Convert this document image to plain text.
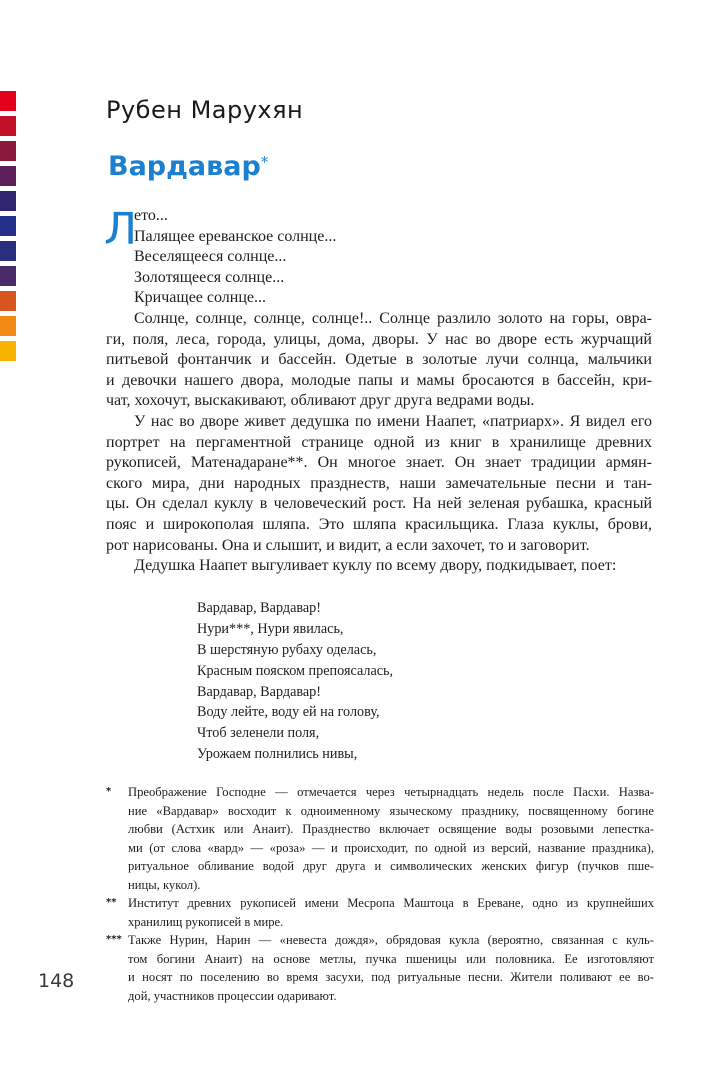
Рубен Марухян
Вардавар*
Л
ето...
Палящее ереванское солнце...
Веселящееся солнце...
Золотящееся солнце...
Кричащее солнце...
Солнце, солнце, солнце, солнце!.. Солнце разлило золото на горы, овра-
ги, поля, леса, города, улицы, дома, дворы. У нас во дворе есть журчащий
питьевой фонтанчик и бассейн. Одетые в золотые лучи солнца, мальчики
и девочки нашего двора, молодые папы и мамы бросаются в бассейн, кри-
чат, хохочут, выскакивают, обливают друг друга ведрами воды.
У нас во дворе живет дедушка по имени Наапет, «патриарх». Я видел его
портрет на пергаментной странице одной из книг в хранилище древних
рукописей, Матенадаране**. Он многое знает. Он знает традиции армян-
ского мира, дни народных празднеств, наши замечательные песни и тан-
цы. Он сделал куклу в человеческий рост. На ней зеленая рубашка, красный
пояс и широкополая шляпа. Это шляпа красильщика. Глаза куклы, брови,
рот нарисованы. Она и слышит, и видит, а если захочет, то и заговорит.
Дедушка Наапет выгуливает куклу по всему двору, подкидывает, поет:
Вардавар, Вардавар!
Нури***, Нури явилась,
В шерстяную рубаху оделась,
Красным пояском препоясалась,
Вардавар, Вардавар!
Воду лейте, воду ей на голову,
Чтоб зеленели поля,
Урожаем полнились нивы,
* Преображение Господне — отмечается через четырнадцать недель после Пасхи. Назва-
ние «Вардавар» восходит к одноименному языческому празднику, посвященному богине
любви (Астхик или Анаит). Празднество включает освящение воды розовыми лепестка-
ми (от слова «вард» — «роза» — и происходит, по одной из версий, название праздника),
ритуальное обливание водой друг друга и символических женских фигур (пучков пше-
ницы, кукол).
** Институт древних рукописей имени Месропа Маштоца в Ереване, одно из крупнейших
хранилищ рукописей в мире.
*** Также Нурин, Нарин — «невеста дождя», обрядовая кукла (вероятно, связанная с куль-
том богини Анаит) на основе метлы, пучка пшеницы или половника. Ее изготовляют
и носят по поселению во время засухи, под ритуальные песни. Жители поливают ее во-
дой, участников процессии одаривают.
148
